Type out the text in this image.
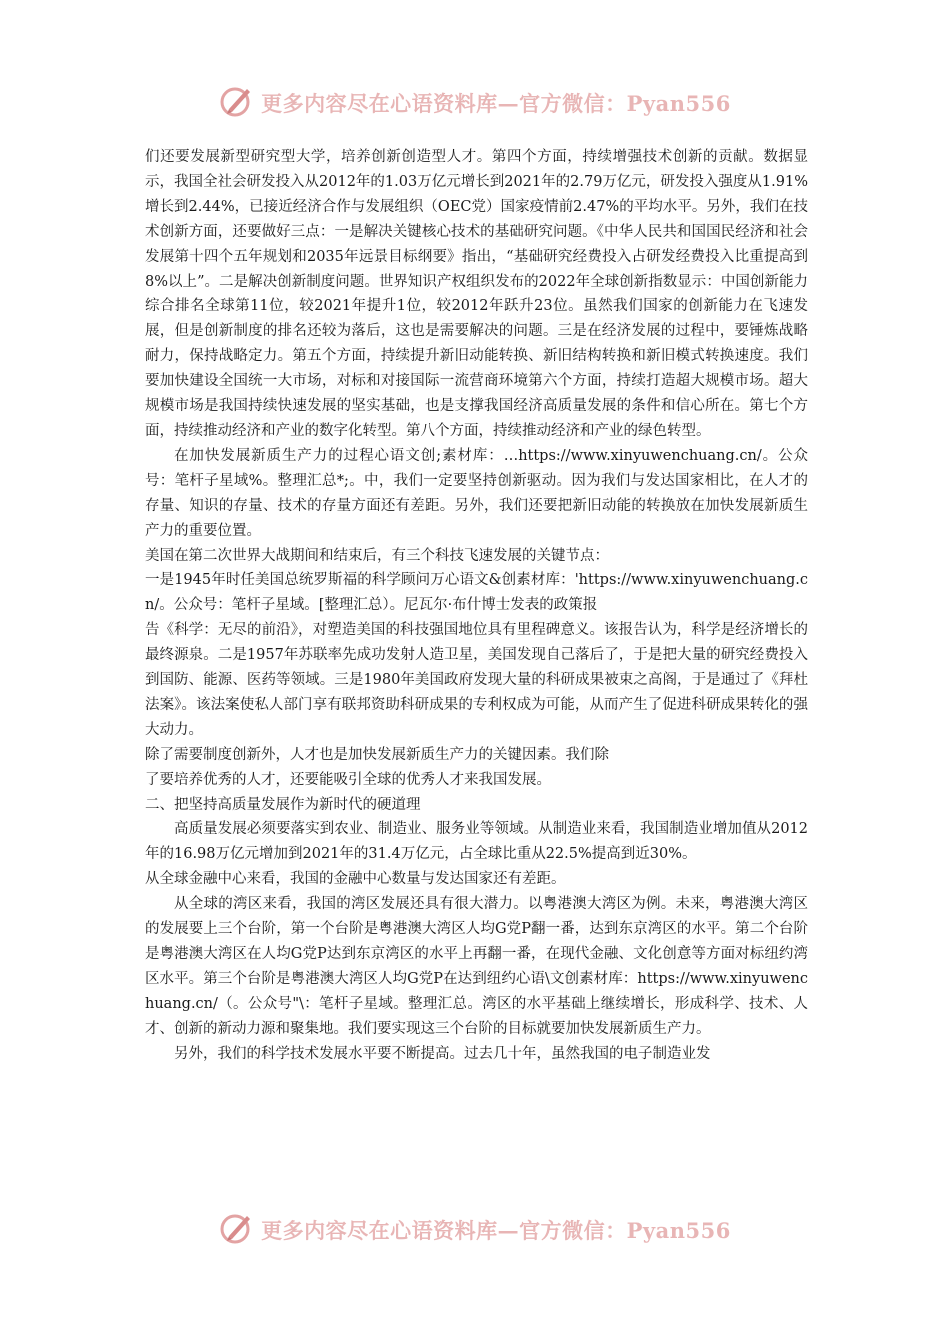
更多内容尽在心语资料库—官方微信：Pyan556

们还要发展新型研究型大学，培养创新创造型人才。第四个方面，持续增强技术创新的贡献。数据显示，我国全社会研发投入从2012年的1.03万亿元增长到2021年的2.79万亿元，研发投入强度从1.91%增长到2.44%，已接近经济合作与发展组织（OEC党）国家疫情前2.47%的平均水平。另外，我们在技术创新方面，还要做好三点：一是解决关键核心技术的基础研究问题。《中华人民共和国国民经济和社会发展第十四个五年规划和2035年远景目标纲要》指出，“基础研究经费投入占研发经费投入比重提高到8%以上”。二是解决创新制度问题。世界知识产权组织发布的2022年全球创新指数显示：中国创新能力综合排名全球第11位，较2021年提升1位，较2012年跃升23位。虽然我们国家的创新能力在飞速发展，但是创新制度的排名还较为落后，这也是需要解决的问题。三是在经济发展的过程中，要锤炼战略耐力，保持战略定力。第五个方面，持续提升新旧动能转换、新旧结构转换和新旧模式转换速度。我们要加快建设全国统一大市场，对标和对接国际一流营商环境第六个方面，持续打造超大规模市场。超大规模市场是我国持续快速发展的坚实基础，也是支撑我国经济高质量发展的条件和信心所在。第七个方面，持续推动经济和产业的数字化转型。第八个方面，持续推动经济和产业的绿色转型。

在加快发展新质生产力的过程心语文创;素材库：…https://www.xinyuwenchuang.cn/。公众号：笔杆子星域%。整理汇总*;。中，我们一定要坚持创新驱动。因为我们与发达国家相比，在人才的存量、知识的存量、技术的存量方面还有差距。另外，我们还要把新旧动能的转换放在加快发展新质生产力的重要位置。

美国在第二次世界大战期间和结束后，有三个科技飞速发展的关键节点：

一是1945年时任美国总统罗斯福的科学顾问万心语文&创素材库：'https://www.xinyuwenchuang.cn/。公众号：笔杆子星域。[整理汇总）。尼瓦尔·布什博士发表的政策报

告《科学：无尽的前沿》，对塑造美国的科技强国地位具有里程碑意义。该报告认为，科学是经济增长的最终源泉。二是1957年苏联率先成功发射人造卫星，美国发现自己落后了，于是把大量的研究经费投入到国防、能源、医药等领域。三是1980年美国政府发现大量的科研成果被束之高阁，于是通过了《拜杜法案》。该法案使私人部门享有联邦资助科研成果的专利权成为可能，从而产生了促进科研成果转化的强大动力。

除了需要制度创新外，人才也是加快发展新质生产力的关键因素。我们除

了要培养优秀的人才，还要能吸引全球的优秀人才来我国发展。

二、把坚持高质量发展作为新时代的硬道理

高质量发展必须要落实到农业、制造业、服务业等领域。从制造业来看，我国制造业增加值从2012年的16.98万亿元增加到2021年的31.4万亿元，占全球比重从22.5%提高到近30%。

从全球金融中心来看，我国的金融中心数量与发达国家还有差距。

从全球的湾区来看，我国的湾区发展还具有很大潜力。以粤港澳大湾区为例。未来，粤港澳大湾区的发展要上三个台阶，第一个台阶是粤港澳大湾区人均G党P翻一番，达到东京湾区的水平。第二个台阶是粤港澳大湾区在人均G党P达到东京湾区的水平上再翻一番，在现代金融、文化创意等方面对标纽约湾区水平。第三个台阶是粤港澳大湾区人均G党P在达到纽约心语\文创素材库：https://www.xinyuwenchuang.cn/（。公众号"\：笔杆子星域。整理汇总。湾区的水平基础上继续增长，形成科学、技术、人才、创新的新动力源和聚集地。我们要实现这三个台阶的目标就要加快发展新质生产力。

另外，我们的科学技术发展水平要不断提高。过去几十年，虽然我国的电子制造业发

更多内容尽在心语资料库—官方微信：Pyan556
